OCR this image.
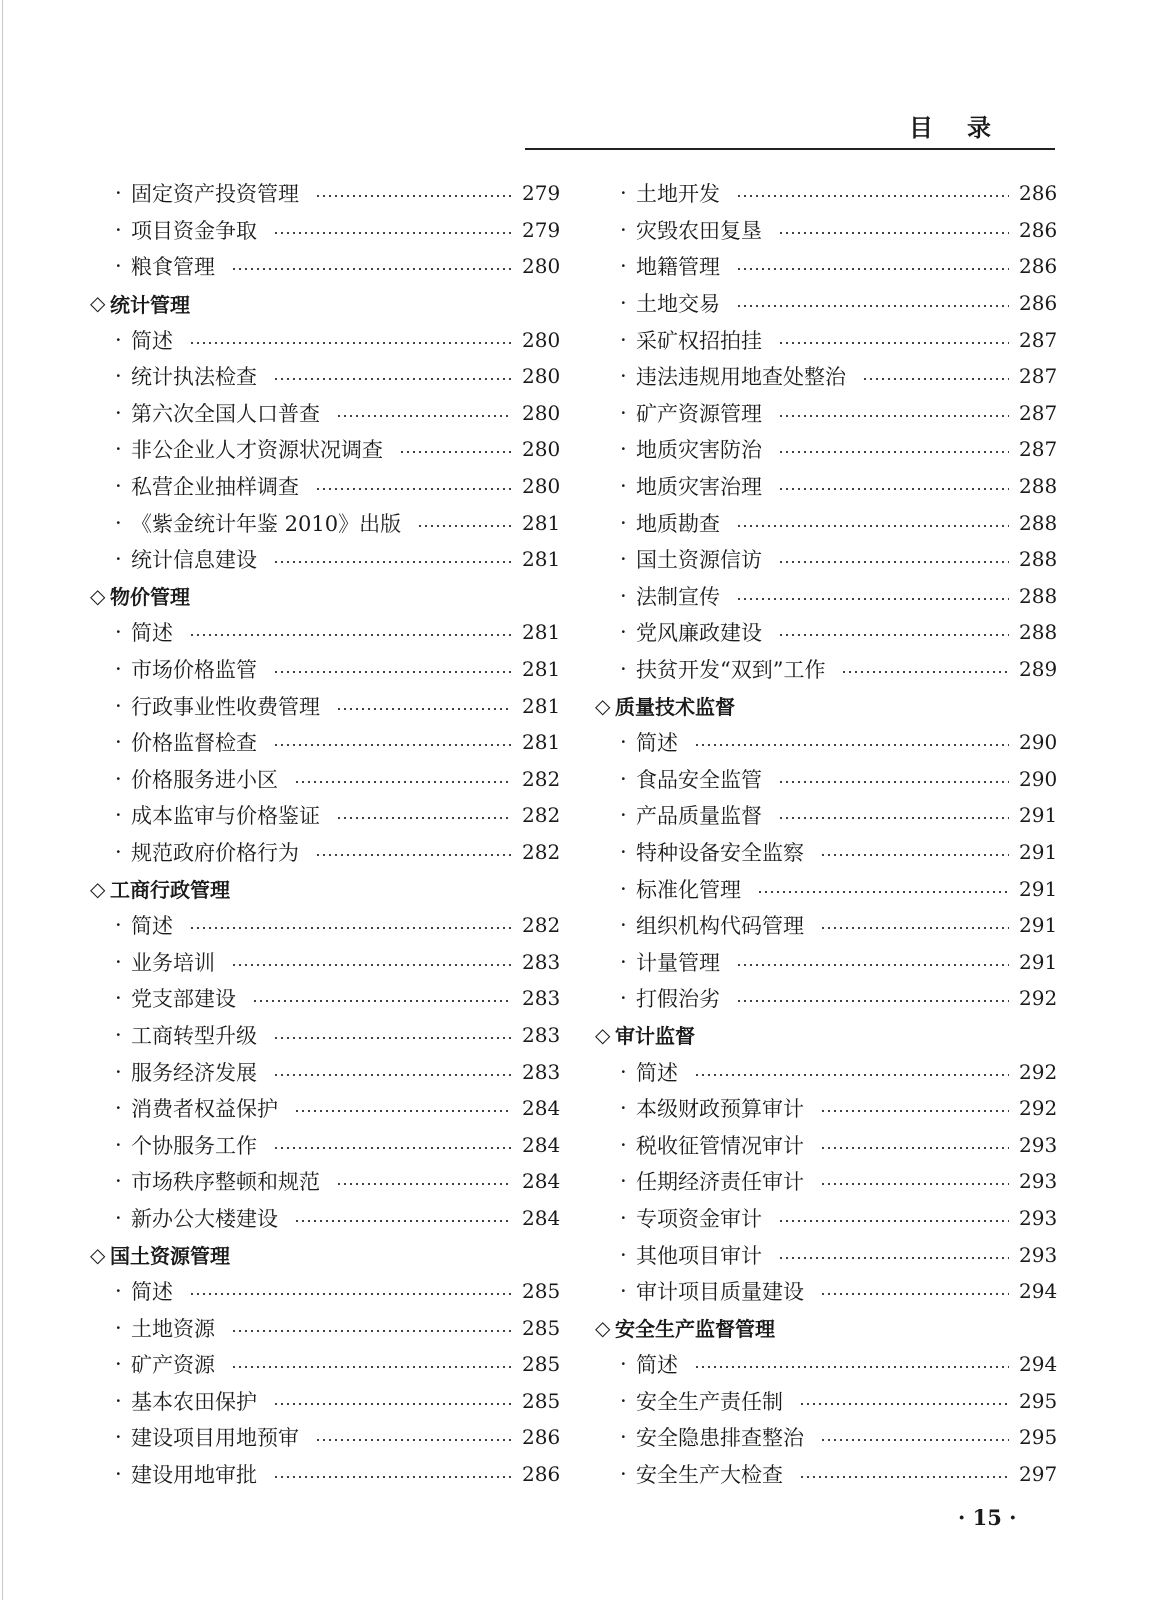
目录
· 固定资产投资管理	279
· 项目资金争取	279
· 粮食管理	280
◇ 统计管理
· 简述	280
· 统计执法检查	280
· 第六次全国人口普查	280
· 非公企业人才资源状况调查	280
· 私营企业抽样调查	280
· 《紫金统计年鉴 2010》出版	281
· 统计信息建设	281
◇ 物价管理
· 简述	281
· 市场价格监管	281
· 行政事业性收费管理	281
· 价格监督检查	281
· 价格服务进小区	282
· 成本监审与价格鉴证	282
· 规范政府价格行为	282
◇ 工商行政管理
· 简述	282
· 业务培训	283
· 党支部建设	283
· 工商转型升级	283
· 服务经济发展	283
· 消费者权益保护	284
· 个协服务工作	284
· 市场秩序整顿和规范	284
· 新办公大楼建设	284
◇ 国土资源管理
· 简述	285
· 土地资源	285
· 矿产资源	285
· 基本农田保护	285
· 建设项目用地预审	286
· 建设用地审批	286
· 土地开发	286
· 灾毁农田复垦	286
· 地籍管理	286
· 土地交易	286
· 采矿权招拍挂	287
· 违法违规用地查处整治	287
· 矿产资源管理	287
· 地质灾害防治	287
· 地质灾害治理	288
· 地质勘查	288
· 国土资源信访	288
· 法制宣传	288
· 党风廉政建设	288
· 扶贫开发“双到”工作	289
◇ 质量技术监督
· 简述	290
· 食品安全监管	290
· 产品质量监督	291
· 特种设备安全监察	291
· 标准化管理	291
· 组织机构代码管理	291
· 计量管理	291
· 打假治劣	292
◇ 审计监督
· 简述	292
· 本级财政预算审计	292
· 税收征管情况审计	293
· 任期经济责任审计	293
· 专项资金审计	293
· 其他项目审计	293
· 审计项目质量建设	294
◇ 安全生产监督管理
· 简述	294
· 安全生产责任制	295
· 安全隐患排查整治	295
· 安全生产大检查	297
· 15 ·
